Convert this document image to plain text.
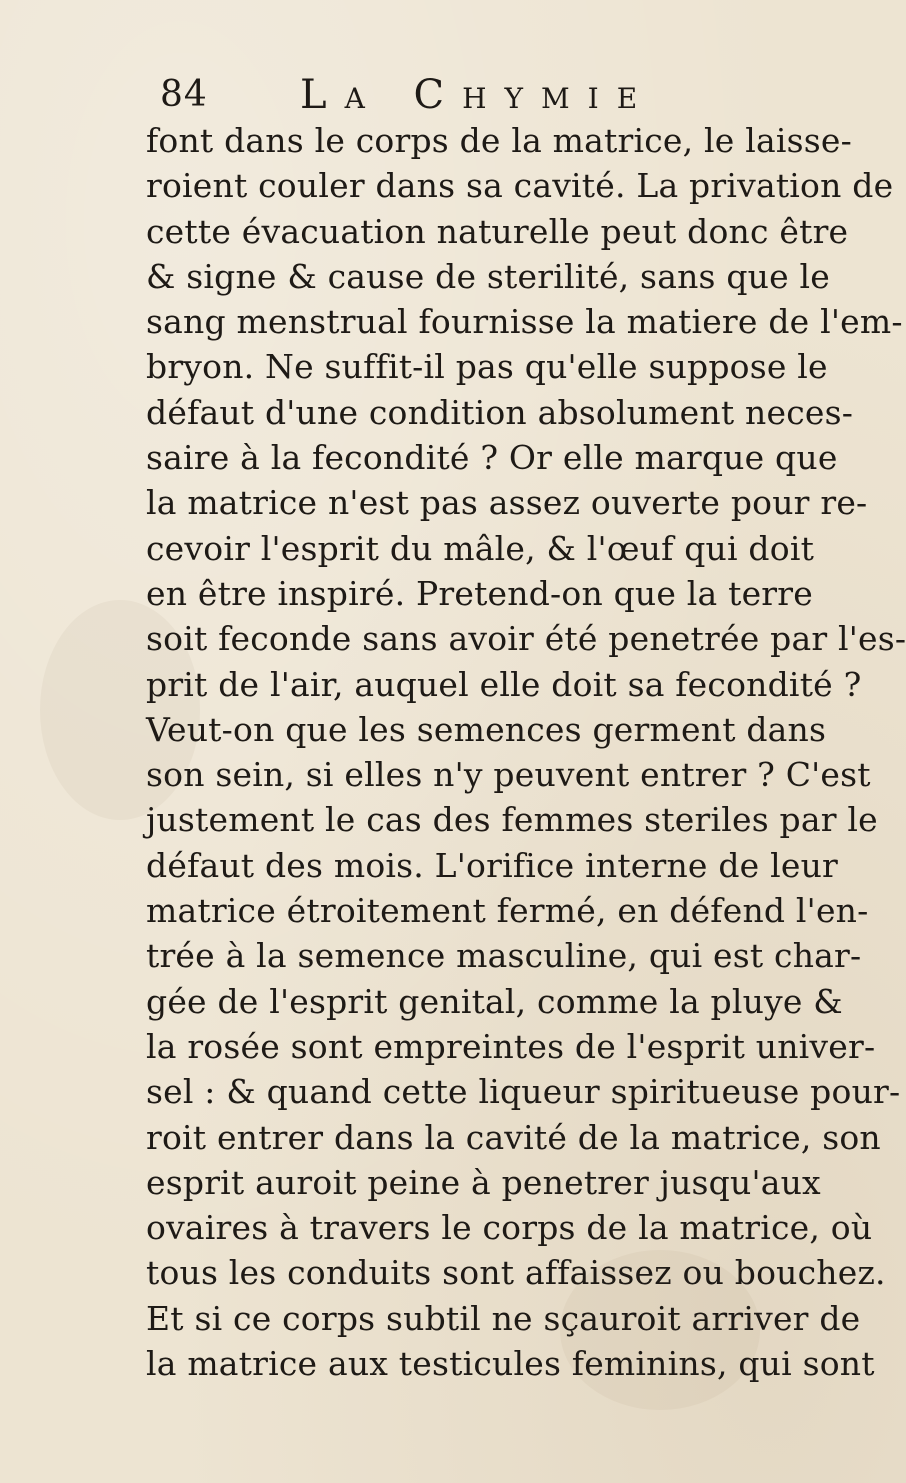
84 La Chymie
font dans le corps de la matrice, le laisse-
roient couler dans sa cavité. La privation de
cette évacuation naturelle peut donc être
& signe & cause de sterilité, sans que le
sang menstrual fournisse la matiere de l'em-
bryon. Ne suffit-il pas qu'elle suppose le
défaut d'une condition absolument neces-
saire à la fecondité ? Or elle marque que
la matrice n'est pas assez ouverte pour re-
cevoir l'esprit du mâle, & l'œuf qui doit
en être inspiré. Pretend-on que la terre
soit feconde sans avoir été penetrée par l'es-
prit de l'air, auquel elle doit sa fecondité ?
Veut-on que les semences germent dans
son sein, si elles n'y peuvent entrer ? C'est
justement le cas des femmes steriles par le
défaut des mois. L'orifice interne de leur
matrice étroitement fermé, en défend l'en-
trée à la semence masculine, qui est char-
gée de l'esprit genital, comme la pluye &
la rosée sont empreintes de l'esprit univer-
sel : & quand cette liqueur spiritueuse pour-
roit entrer dans la cavité de la matrice, son
esprit auroit peine à penetrer jusqu'aux
ovaires à travers le corps de la matrice, où
tous les conduits sont affaissez ou bouchez.
Et si ce corps subtil ne sçauroit arriver de
la matrice aux testicules feminins, qui sont
